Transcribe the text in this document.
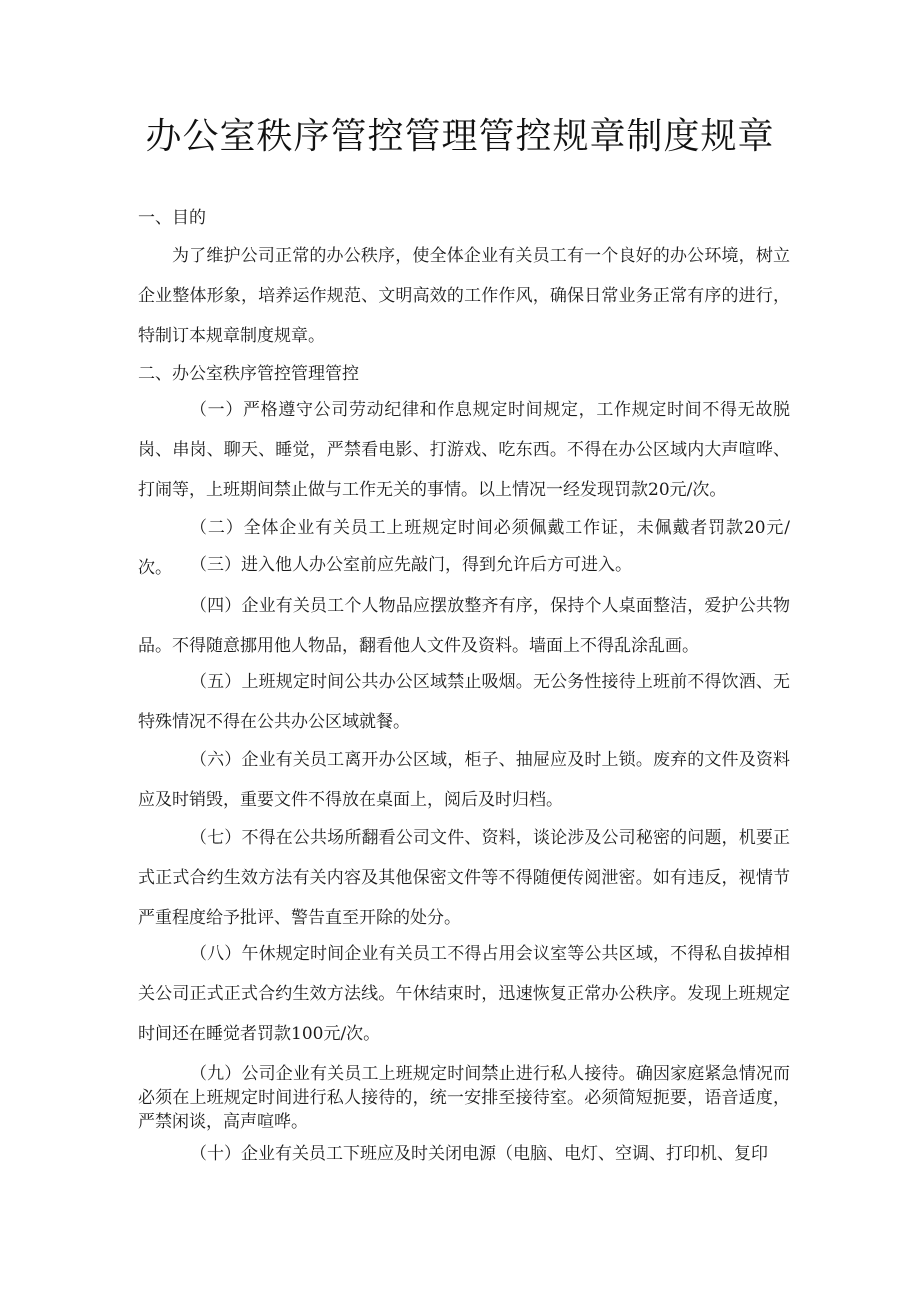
办公室秩序管控管理管控规章制度规章
一、目的
为了维护公司正常的办公秩序，使全体企业有关员工有一个良好的办公环境，树立企业整体形象，培养运作规范、文明高效的工作作风，确保日常业务正常有序的进行，特制订本规章制度规章。
二、办公室秩序管控管理管控
（一）严格遵守公司劳动纪律和作息规定时间规定，工作规定时间不得无故脱岗、串岗、聊天、睡觉，严禁看电影、打游戏、吃东西。不得在办公区域内大声喧哗、打闹等，上班期间禁止做与工作无关的事情。以上情况一经发现罚款20元/次。
（二）全体企业有关员工上班规定时间必须佩戴工作证，未佩戴者罚款20元/次。	（三）进入他人办公室前应先敲门，得到允许后方可进入。
（四）企业有关员工个人物品应摆放整齐有序，保持个人桌面整洁，爱护公共物品。不得随意挪用他人物品，翻看他人文件及资料。墙面上不得乱涂乱画。
（五）上班规定时间公共办公区域禁止吸烟。无公务性接待上班前不得饮酒、无特殊情况不得在公共办公区域就餐。
（六）企业有关员工离开办公区域，柜子、抽屉应及时上锁。废弃的文件及资料应及时销毁，重要文件不得放在桌面上，阅后及时归档。
（七）不得在公共场所翻看公司文件、资料，谈论涉及公司秘密的问题，机要正式正式合约生效方法有关内容及其他保密文件等不得随便传阅泄密。如有违反，视情节严重程度给予批评、警告直至开除的处分。
（八）午休规定时间企业有关员工不得占用会议室等公共区域，不得私自拔掉相关公司正式正式合约生效方法线。午休结束时，迅速恢复正常办公秩序。发现上班规定时间还在睡觉者罚款100元/次。
（九）公司企业有关员工上班规定时间禁止进行私人接待。确因家庭紧急情况而必须在上班规定时间进行私人接待的，统一安排至接待室。必须简短扼要，语音适度，严禁闲谈，高声喧哗。
（十）企业有关员工下班应及时关闭电源（电脑、电灯、空调、打印机、复印
